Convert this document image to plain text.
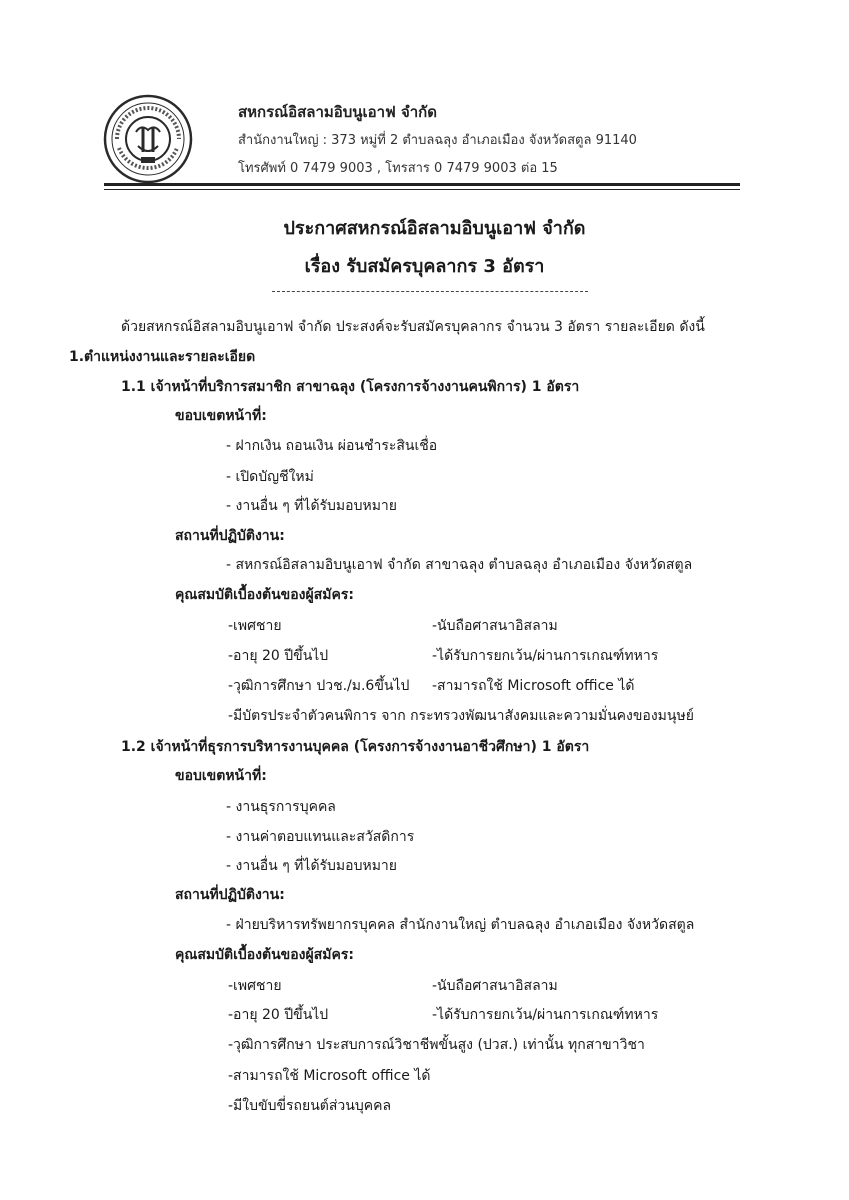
สหกรณ์อิสลามอิบนูเอาฟ จำกัด
สำนักงานใหญ่ : 373 หมู่ที่ 2 ตำบลฉลุง อำเภอเมือง จังหวัดสตูล 91140
โทรศัพท์ 0 7479 9003 , โทรสาร 0 7479 9003 ต่อ 15
ประกาศสหกรณ์อิสลามอิบนูเอาฟ จำกัด
เรื่อง รับสมัครบุคลากร 3 อัตรา
ด้วยสหกรณ์อิสลามอิบนูเอาฟ จำกัด ประสงค์จะรับสมัครบุคลากร จำนวน 3 อัตรา รายละเอียด ดังนี้
1.ตำแหน่งงานและรายละเอียด
1.1 เจ้าหน้าที่บริการสมาชิก สาขาฉลุง (โครงการจ้างงานคนพิการ) 1 อัตรา
ขอบเขตหน้าที่:
- ฝากเงิน ถอนเงิน ผ่อนชำระสินเชื่อ
- เปิดบัญชีใหม่
- งานอื่น ๆ ที่ได้รับมอบหมาย
สถานที่ปฏิบัติงาน:
- สหกรณ์อิสลามอิบนูเอาฟ จำกัด สาขาฉลุง ตำบลฉลุง อำเภอเมือง จังหวัดสตูล
คุณสมบัติเบื้องต้นของผู้สมัคร:
-เพศชาย	-นับถือศาสนาอิสลาม
-อายุ 20 ปีขึ้นไป	-ได้รับการยกเว้น/ผ่านการเกณฑ์ทหาร
-วุฒิการศึกษา ปวช./ม.6ขึ้นไป -สามารถใช้ Microsoft office ได้
-มีบัตรประจำตัวคนพิการ จาก กระทรวงพัฒนาสังคมและความมั่นคงของมนุษย์
1.2 เจ้าหน้าที่ธุรการบริหารงานบุคคล (โครงการจ้างงานอาชีวศึกษา) 1 อัตรา
ขอบเขตหน้าที่:
- งานธุรการบุคคล
- งานค่าตอบแทนและสวัสดิการ
- งานอื่น ๆ ที่ได้รับมอบหมาย
สถานที่ปฏิบัติงาน:
- ฝ่ายบริหารทรัพยากรบุคคล สำนักงานใหญ่ ตำบลฉลุง อำเภอเมือง จังหวัดสตูล
คุณสมบัติเบื้องต้นของผู้สมัคร:
-เพศชาย	-นับถือศาสนาอิสลาม
-อายุ 20 ปีขึ้นไป	-ได้รับการยกเว้น/ผ่านการเกณฑ์ทหาร
-วุฒิการศึกษา ประสบการณ์วิชาชีพขั้นสูง (ปวส.) เท่านั้น ทุกสาขาวิชา
-สามารถใช้ Microsoft office ได้
-มีใบขับขี่รถยนต์ส่วนบุคคล
